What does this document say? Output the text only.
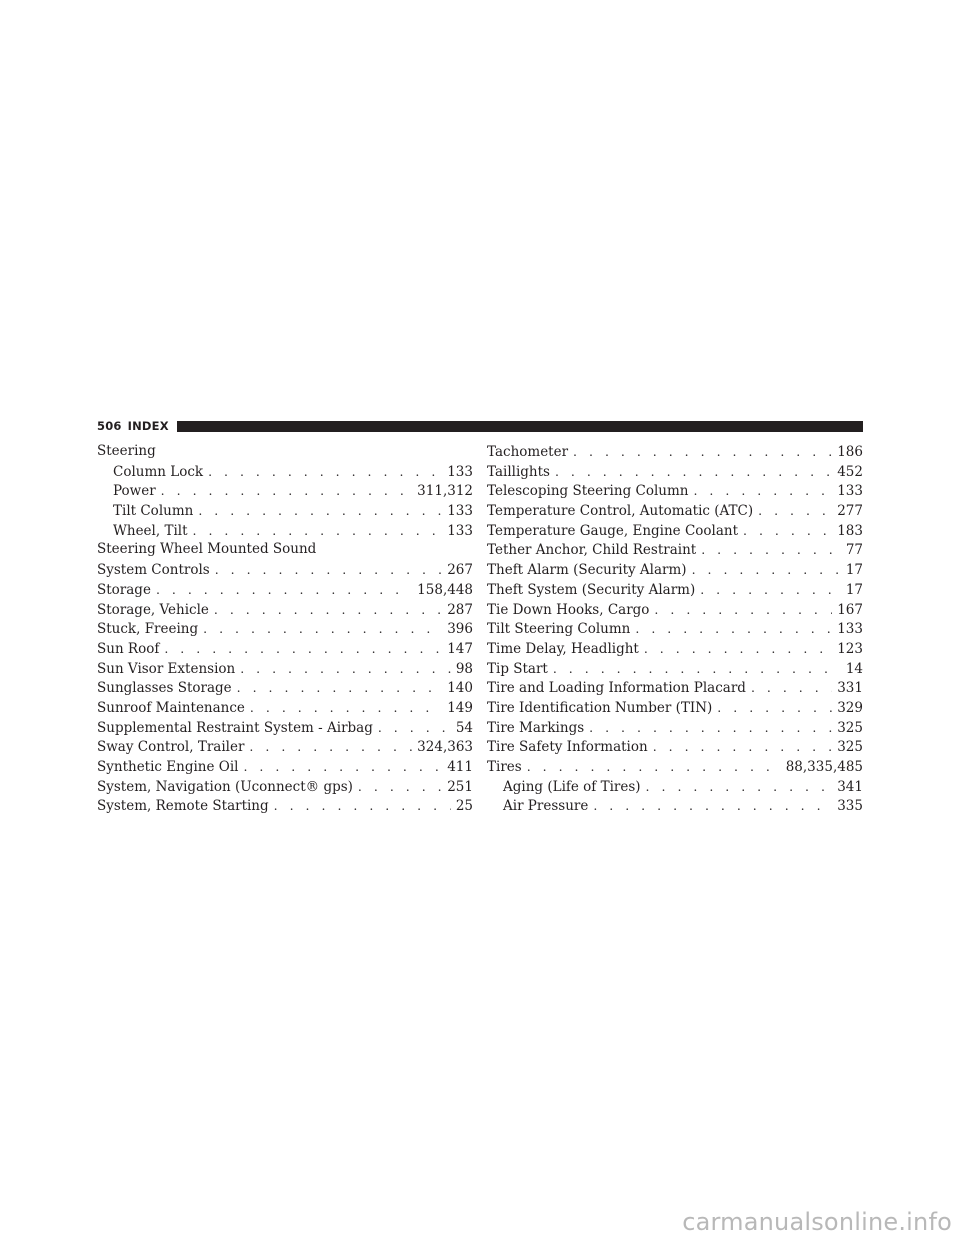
506 INDEX
Steering
Column Lock . . .	133
Power . . .	311,312
Tilt Column . . .	133
Wheel, Tilt . . .	133
Steering Wheel Mounted Sound
System Controls . . .	267
Storage . . .	158,448
Storage, Vehicle . . .	287
Stuck, Freeing . . .	396
Sun Roof . . .	147
Sun Visor Extension . . .	98
Sunglasses Storage . . .	140
Sunroof Maintenance . . .	149
Supplemental Restraint System - Airbag . . .	54
Sway Control, Trailer . . .	324,363
Synthetic Engine Oil . . .	411
System, Navigation (Uconnect® gps) . . .	251
System, Remote Starting . . .	25
Tachometer . . .	186
Taillights . . .	452
Telescoping Steering Column . . .	133
Temperature Control, Automatic (ATC) . . .	277
Temperature Gauge, Engine Coolant . . .	183
Tether Anchor, Child Restraint . . .	77
Theft Alarm (Security Alarm) . . .	17
Theft System (Security Alarm) . . .	17
Tie Down Hooks, Cargo . . .	167
Tilt Steering Column . . .	133
Time Delay, Headlight . . .	123
Tip Start . . .	14
Tire and Loading Information Placard . . .	331
Tire Identification Number (TIN) . . .	329
Tire Markings . . .	325
Tire Safety Information . . .	325
Tires . . .	88,335,485
Aging (Life of Tires) . . .	341
Air Pressure . . .	335
carmanualsonline.info
